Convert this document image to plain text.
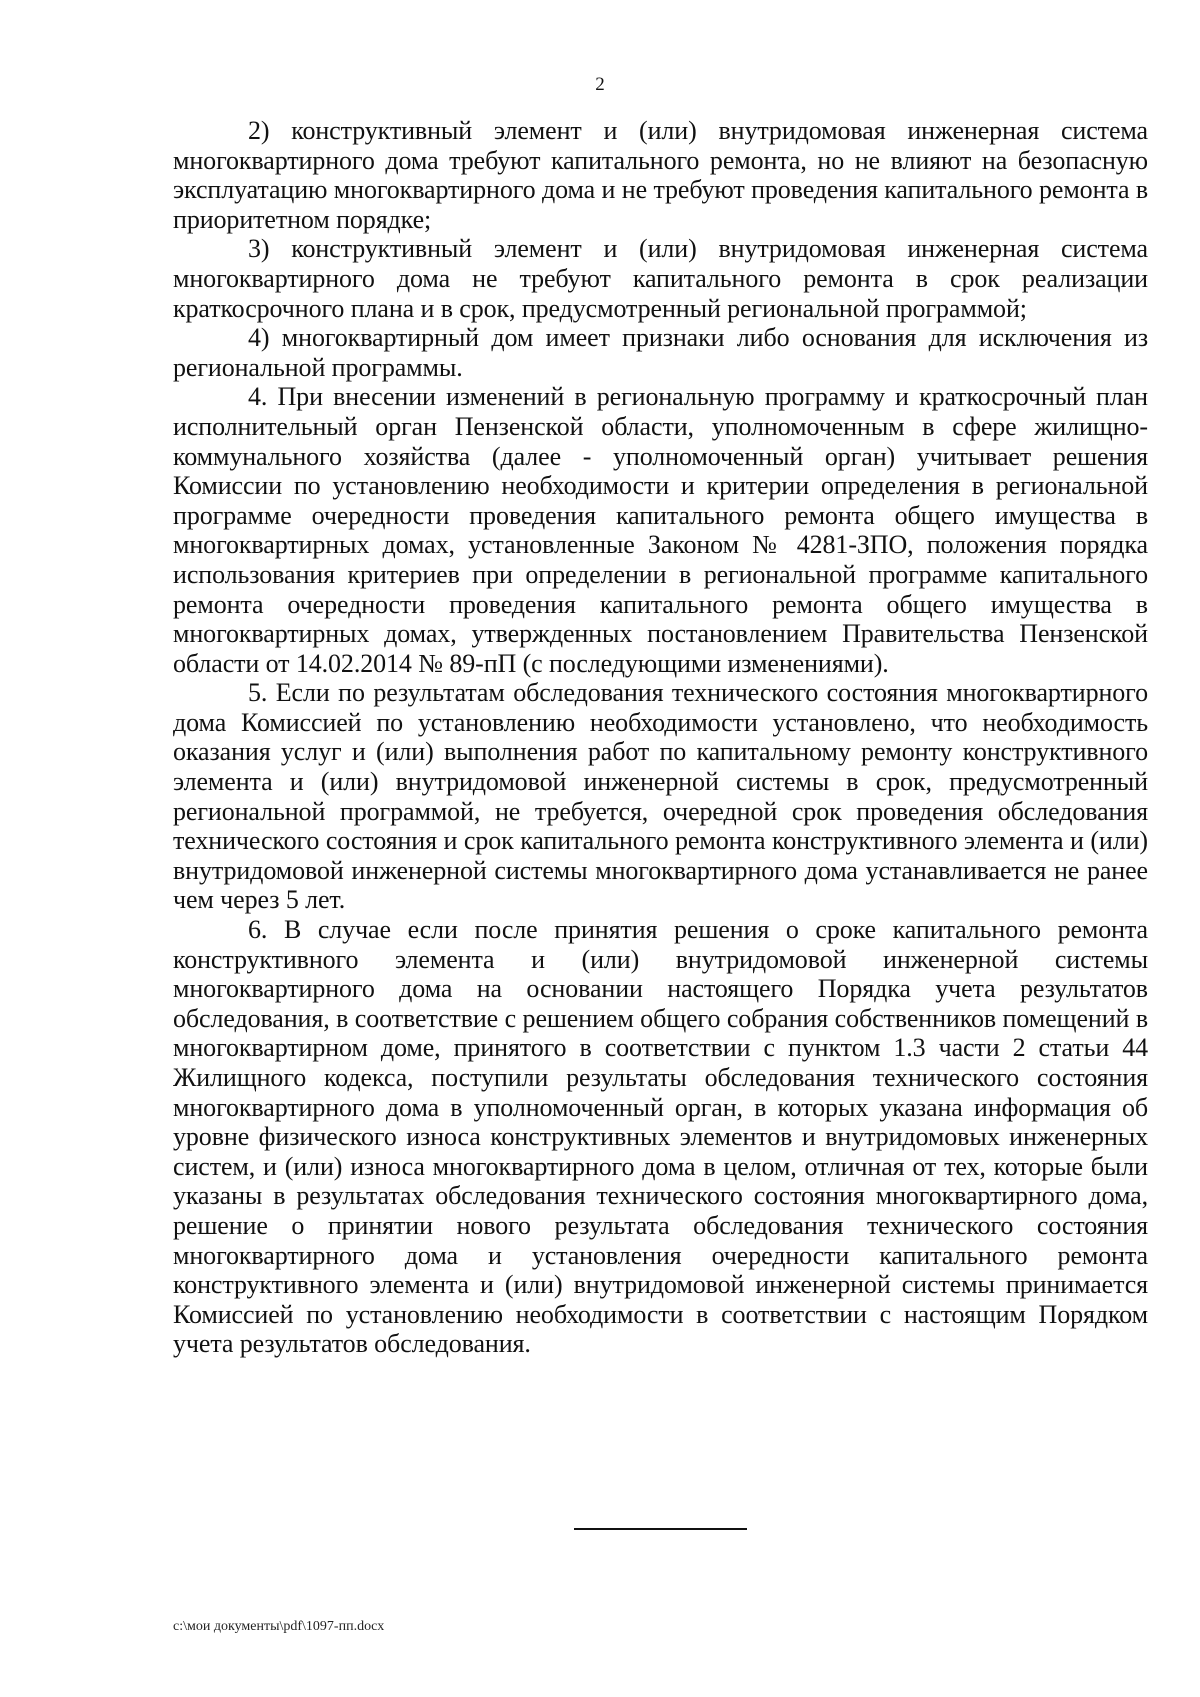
2

2) конструктивный элемент и (или) внутридомовая инженерная система многоквартирного дома требуют капитального ремонта, но не влияют на безопасную эксплуатацию многоквартирного дома и не требуют проведения капитального ремонта в приоритетном порядке;

3) конструктивный элемент и (или) внутридомовая инженерная система многоквартирного дома не требуют капитального ремонта в срок реализации краткосрочного плана и в срок, предусмотренный региональной программой;

4) многоквартирный дом имеет признаки либо основания для исключения из региональной программы.

4. При внесении изменений в региональную программу и краткосрочный план исполнительный орган Пензенской области, уполномоченным в сфере жилищно-коммунального хозяйства (далее - уполномоченный орган) учитывает решения Комиссии по установлению необходимости и критерии определения в региональной программе очередности проведения капитального ремонта общего имущества в многоквартирных домах, установленные Законом № 4281-ЗПО, положения порядка использования критериев при определении в региональной программе капитального ремонта очередности проведения капитального ремонта общего имущества в многоквартирных домах, утвержденных постановлением Правительства Пензенской области от 14.02.2014 № 89-пП (с последующими изменениями).

5. Если по результатам обследования технического состояния многоквартирного дома Комиссией по установлению необходимости установлено, что необходимость оказания услуг и (или) выполнения работ по капитальному ремонту конструктивного элемента и (или) внутридомовой инженерной системы в срок, предусмотренный региональной программой, не требуется, очередной срок проведения обследования технического состояния и срок капитального ремонта конструктивного элемента и (или) внутридомовой инженерной системы многоквартирного дома устанавливается не ранее чем через 5 лет.

6. В случае если после принятия решения о сроке капитального ремонта конструктивного элемента и (или) внутридомовой инженерной системы многоквартирного дома на основании настоящего Порядка учета результатов обследования, в соответствие с решением общего собрания собственников помещений в многоквартирном доме, принятого в соответствии с пунктом 1.3 части 2 статьи 44 Жилищного кодекса, поступили результаты обследования технического состояния многоквартирного дома в уполномоченный орган, в которых указана информация об уровне физического износа конструктивных элементов и внутридомовых инженерных систем, и (или) износа многоквартирного дома в целом, отличная от тех, которые были указаны в результатах обследования технического состояния многоквартирного дома, решение о принятии нового результата обследования технического состояния многоквартирного дома и установления очередности капитального ремонта конструктивного элемента и (или) внутридомовой инженерной системы принимается Комиссией по установлению необходимости в соответствии с настоящим Порядком учета результатов обследования.

c:\мои документы\pdf\1097-пп.docx
